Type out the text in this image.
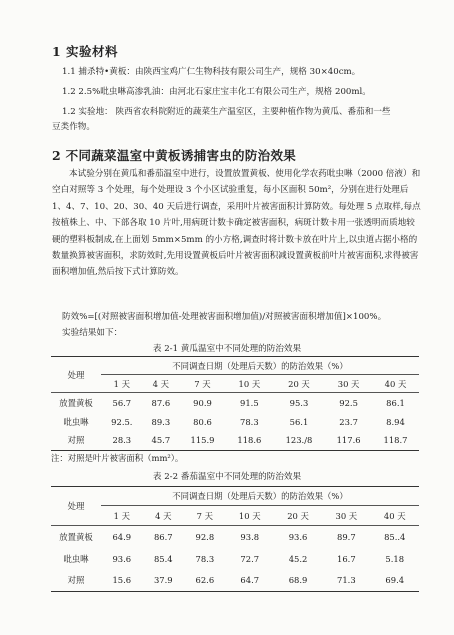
1 实验材料
1.1 捕杀特•黄板：由陕西宝鸡广仁生物科技有限公司生产，规格 30×40cm。
1.2 2.5%吡虫啉高渗乳油：由河北石家庄宝丰化工有限公司生产，规格 200ml。
1.2 实验地： 陕西省农科院附近的蔬菜生产温室区，主要种植作物为黄瓜、番茄和一些
豆类作物。
2 不同蔬菜温室中黄板诱捕害虫的防治效果
本试验分别在黄瓜和番茄温室中进行，设置放置黄板、使用化学农药吡虫啉（2000 倍液）和空白对照等 3 个处理，每个处理设 3 个小区试验重复，每小区面积 50m²，分别在进行处理后 1、4、7、10、20、30、40 天后进行调查，采用叶片被害面积计算防效。每处理 5 点取样,每点按植株上、中、下部各取 10 片叶,用病斑计数卡确定被害面积，病斑计数卡用一张透明而质地较硬的塑料板制成,在上面划 5mm×5mm 的小方格,调查时将计数卡放在叶片上,以虫道占据小格的数量换算被害面积，求防效时,先用设置黄板后叶片被害面积减设置黄板前叶片被害面积,求得被害面积增加值,然后按下式计算防效。
防效%=[(对照被害面积增加值-处理被害面积增加值)/对照被害面积增加值]×100%。
实验结果如下：
表 2-1 黄瓜温室中不同处理的防治效果
处理	不同调查日期（处理后天数）的防治效果（%）						
	1 天	4 天	7 天	10 天	20 天	30 天	40 天
放置黄板	56.7	87.6	90.9	91.5	95.3	92.5	86.1
吡虫啉	92.5.	89.3	80.6	78.3	56.1	23.7	8.94
对照	28.3	45.7	115.9	118.6	123./8	117.6	118.7
注：对照是叶片被害面积（mm²）。
表 2-2 番茄温室中不同处理的防治效果
处理	不同调查日期（处理后天数）的防治效果（%）						
	1 天	4 天	7 天	10 天	20 天	30 天	40 天
放置黄板	64.9	86.7	92.8	93.8	93.6	89.7	85..4
吡虫啉	93.6	85.4	78.3	72.7	45.2	16.7	5.18
对照	15.6	37.9	62.6	64.7	68.9	71.3	69.4
